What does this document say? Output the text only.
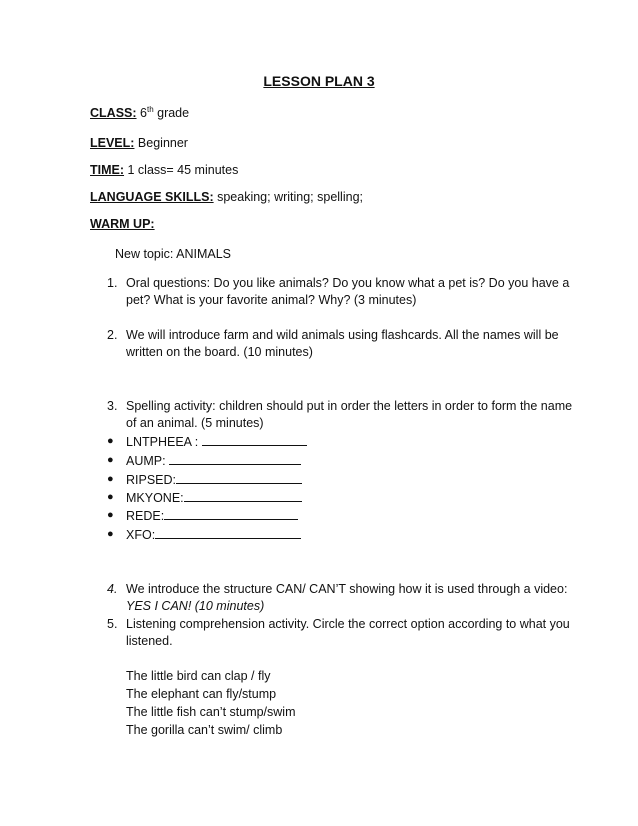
LESSON PLAN 3
CLASS: 6th grade
LEVEL: Beginner
TIME: 1 class= 45 minutes
LANGUAGE SKILLS: speaking; writing; spelling;
WARM UP:
New topic: ANIMALS
1. Oral questions: Do you like animals? Do you know what a pet is? Do you have a
pet? What is your favorite animal? Why? (3 minutes)
2. We will introduce farm and wild animals using flashcards. All the names will be
written on the board. (10 minutes)
3. Spelling activity: children should put in order the letters in order to form the name
of an animal. (5 minutes)
● LNTPHEEA :
● AUMP:
● RIPSED:
● MKYONE:
● REDE:
● XFO:
4. We introduce the structure CAN/ CAN’T showing how it is used through a video:
YES I CAN! (10 minutes)
5. Listening comprehension activity. Circle the correct option according to what you
listened.
The little bird can clap / fly
The elephant can fly/stump
The little fish can’t stump/swim
The gorilla can’t swim/ climb
